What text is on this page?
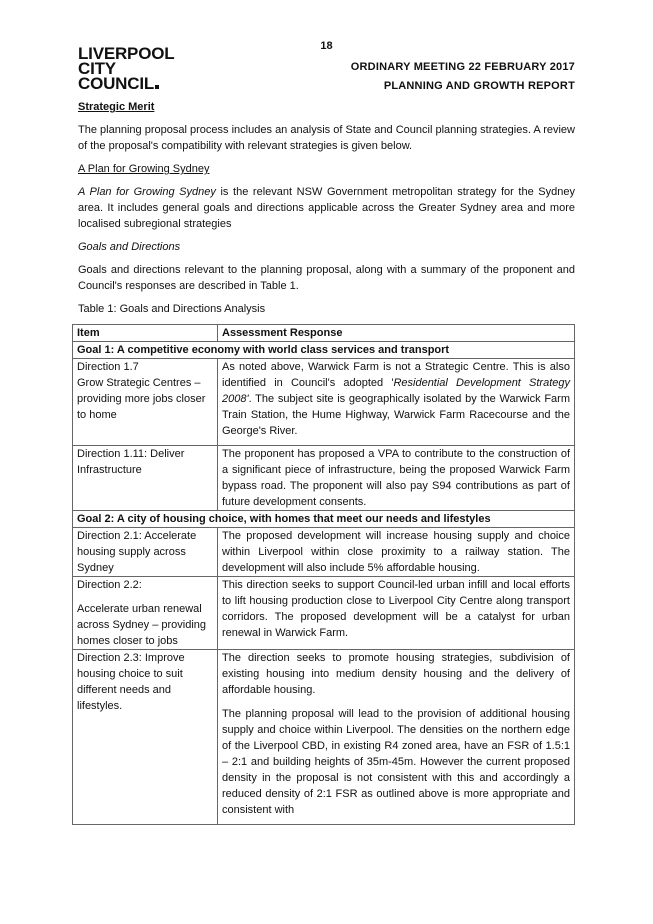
18
LIVERPOOL
CITY
COUNCIL
ORDINARY MEETING 22 FEBRUARY 2017
PLANNING AND GROWTH REPORT

Strategic Merit

The planning proposal process includes an analysis of State and Council planning strategies. A review of the proposal's compatibility with relevant strategies is given below.

A Plan for Growing Sydney

A Plan for Growing Sydney is the relevant NSW Government metropolitan strategy for the Sydney area. It includes general goals and directions applicable across the Greater Sydney area and more localised subregional strategies

Goals and Directions

Goals and directions relevant to the planning proposal, along with a summary of the proponent and Council's responses are described in Table 1.

Table 1: Goals and Directions Analysis

Item	Assessment Response
Goal 1: A competitive economy with world class services and transport	

Direction 1.7
Grow Strategic Centres – providing more jobs closer to home	As noted above, Warwick Farm is not a Strategic Centre. This is also identified in Council's adopted 'Residential Development Strategy 2008'. The subject site is geographically isolated by the Warwick Farm Train Station, the Hume Highway, Warwick Farm Racecourse and the George's River.

Direction 1.11: Deliver Infrastructure	The proponent has proposed a VPA to contribute to the construction of a significant piece of infrastructure, being the proposed Warwick Farm bypass road. The proponent will also pay S94 contributions as part of future development consents.
Goal 2: A city of housing choice, with homes that meet our needs and lifestyles	
Direction 2.1: Accelerate housing supply across Sydney	The proposed development will increase housing supply and choice within Liverpool within close proximity to a railway station. The development will also include 5% affordable housing.

Direction 2.2:
Accelerate urban renewal across Sydney – providing homes closer to jobs	This direction seeks to support Council-led urban infill and local efforts to lift housing production close to Liverpool City Centre along transport corridors. The proposed development will be a catalyst for urban renewal in Warwick Farm.
Direction 2.3: Improve housing choice to suit different needs and lifestyles.	The direction seeks to promote housing strategies, subdivision of existing housing into medium density housing and the delivery of affordable housing.
The planning proposal will lead to the provision of additional housing supply and choice within Liverpool. The densities on the northern edge of the Liverpool CBD, in existing R4 zoned area, have an FSR of 1.5:1 – 2:1 and building heights of 35m-45m. However the current proposed density in the proposal is not consistent with this and accordingly a reduced density of 2:1 FSR as outlined above is more appropriate and consistent with
